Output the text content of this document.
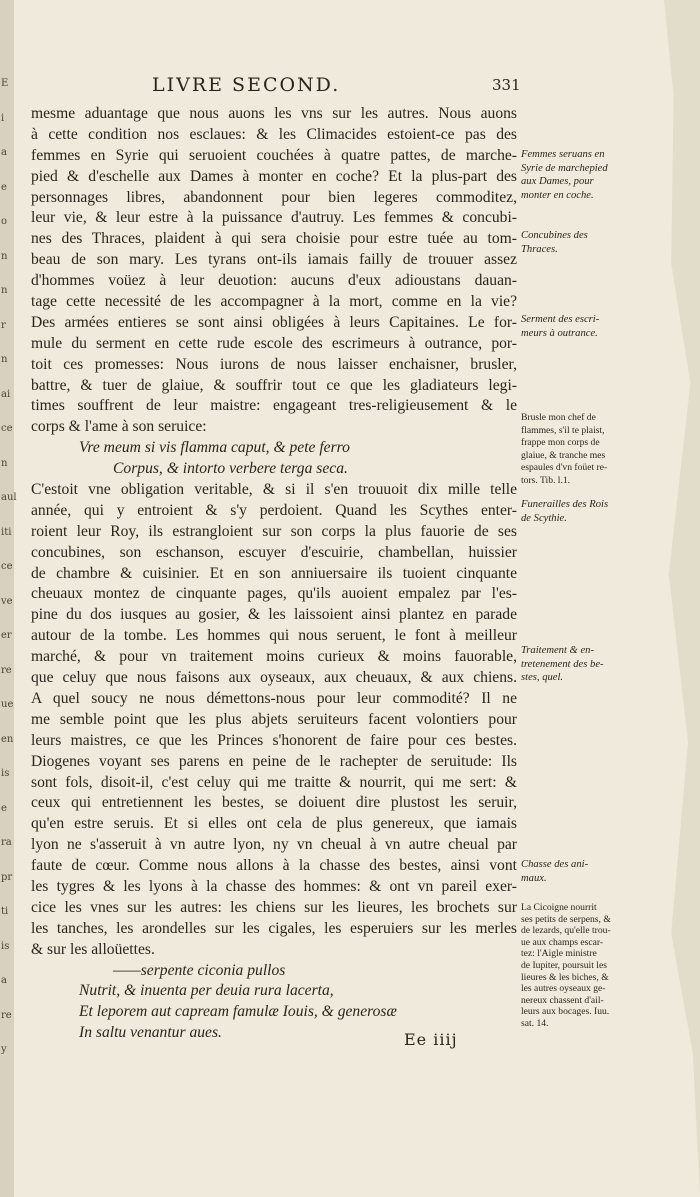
LIVRE SECOND.	331
mesme aduantage que nous auons les vns sur les autres. Nous auons
à cette condition nos esclaues: & les Climacides estoient-ce pas des
femmes en Syrie qui seruoient couchées à quatre pattes, de marche-
pied & d'eschelle aux Dames à monter en coche? Et la plus-part des
personnages libres, abandonnent pour bien legeres commoditez,
leur vie, & leur estre à la puissance d'autruy. Les femmes & concubi-
nes des Thraces, plaident à qui sera choisie pour estre tuée au tom-
beau de son mary. Les tyrans ont-ils iamais failly de trouuer assez
d'hommes voüez à leur deuotion: aucuns d'eux adioustans dauan-
tage cette necessité de les accompagner à la mort, comme en la vie?
Des armées entieres se sont ainsi obligées à leurs Capitaines. Le for-
mule du serment en cette rude escole des escrimeurs à outrance, por-
toit ces promesses: Nous iurons de nous laisser enchaisner, brusler,
battre, & tuer de glaiue, & souffrir tout ce que les gladiateurs legi-
times souffrent de leur maistre: engageant tres-religieusement & le
corps & l'ame à son seruice:
Vre meum si vis flamma caput, & pete ferro
Corpus, & intorto verbere terga seca.
C'estoit vne obligation veritable, & si il s'en trouuoit dix mille telle
année, qui y entroient & s'y perdoient. Quand les Scythes enter-
roient leur Roy, ils estrangloient sur son corps la plus fauorie de ses
concubines, son eschanson, escuyer d'escuirie, chambellan, huissier
de chambre & cuisinier. Et en son anniuersaire ils tuoient cinquante
cheuaux montez de cinquante pages, qu'ils auoient empalez par l'es-
pine du dos iusques au gosier, & les laissoient ainsi plantez en parade
autour de la tombe. Les hommes qui nous seruent, le font à meilleur
marché, & pour vn traitement moins curieux & moins fauorable,
que celuy que nous faisons aux oyseaux, aux cheuaux, & aux chiens.
A quel soucy ne nous démettons-nous pour leur commodité? Il ne
me semble point que les plus abjets seruiteurs facent volontiers pour
leurs maistres, ce que les Princes s'honorent de faire pour ces bestes.
Diogenes voyant ses parens en peine de le rachepter de seruitude: Ils
sont fols, disoit-il, c'est celuy qui me traitte & nourrit, qui me sert: &
ceux qui entretiennent les bestes, se doiuent dire plustost les seruir,
qu'en estre seruis. Et si elles ont cela de plus genereux, que iamais
lyon ne s'asseruit à vn autre lyon, ny vn cheual à vn autre cheual par
faute de cœur. Comme nous allons à la chasse des bestes, ainsi vont
les tygres & les lyons à la chasse des hommes: & ont vn pareil exer-
cice les vnes sur les autres: les chiens sur les lieures, les brochets sur
les tanches, les arondelles sur les cigales, les esperuiers sur les merles
& sur les alloüettes.
——serpente ciconia pullos
Nutrit, & inuenta per deuia rura lacerta,
Et leporem aut capream famulæ Iouis, & generosæ
In saltu venantur aues.
Femmes seruans en
Syrie de marchepied
aux Dames, pour
monter en coche.
Concubines des
Thraces.
Serment des escri-
meurs à outrance.
Brusle mon chef de
flammes, s'il te plaist,
frappe mon corps de
glaiue, & tranche mes
espaules d'vn foüet re-
tors. Tib. l.1.
Funerailles des Rois
de Scythie.
Traitement & en-
tretenement des be-
stes, quel.
Chasse des ani-
maux.
La Cicoigne nourrit
ses petits de serpens, &
de lezards, qu'elle trou-
ue aux champs escar-
tez: l'Aigle ministre
de Iupiter, poursuit les
lieures & les biches, &
les autres oyseaux ge-
nereux chassent d'ail-
leurs aux bocages. Iuu.
sat. 14.
Ee iiij
E
i
a
e
o
n
n
r
n
ai
ce
n
aul
iti
ce
ve
er
re
ue
en
is
e
ra
pr
ti
is
a
re
y
